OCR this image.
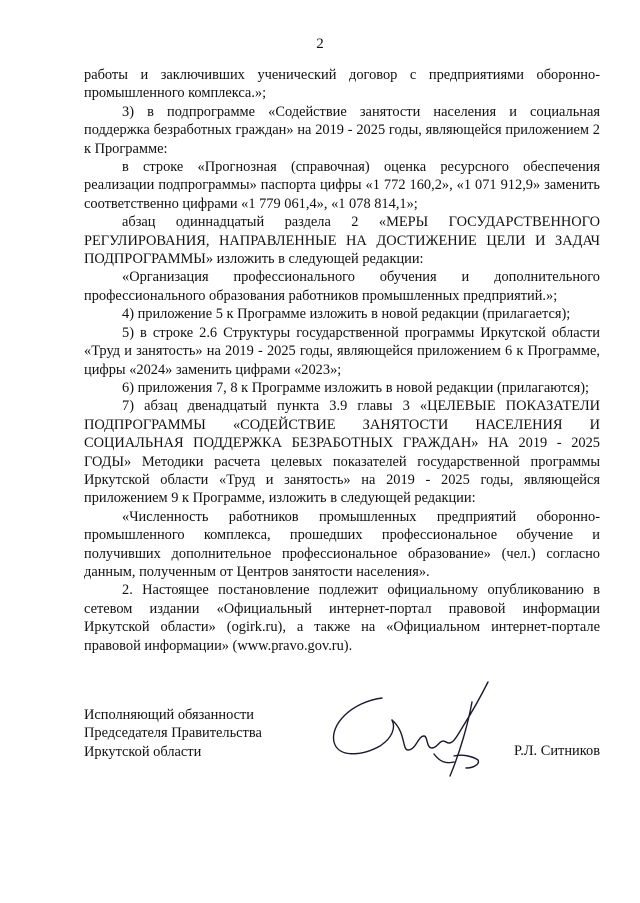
2

работы и заключивших ученический договор с предприятиями оборонно-промышленного комплекса.»;

3) в подпрограмме «Содействие занятости населения и социальная поддержка безработных граждан» на 2019 - 2025 годы, являющейся приложением 2 к Программе:

в строке «Прогнозная (справочная) оценка ресурсного обеспечения реализации подпрограммы» паспорта цифры «1 772 160,2», «1 071 912,9» заменить соответственно цифрами «1 779 061,4», «1 078 814,1»;

абзац одиннадцатый раздела 2 «МЕРЫ ГОСУДАРСТВЕННОГО РЕГУЛИРОВАНИЯ, НАПРАВЛЕННЫЕ НА ДОСТИЖЕНИЕ ЦЕЛИ И ЗАДАЧ ПОДПРОГРАММЫ» изложить в следующей редакции:

«Организация профессионального обучения и дополнительного профессионального образования работников промышленных предприятий.»;

4) приложение 5 к Программе изложить в новой редакции (прилагается);

5) в строке 2.6 Структуры государственной программы Иркутской области «Труд и занятость» на 2019 - 2025 годы, являющейся приложением 6 к Программе, цифры «2024» заменить цифрами «2023»;

6) приложения 7, 8 к Программе изложить в новой редакции (прилагаются);

7) абзац двенадцатый пункта 3.9 главы 3 «ЦЕЛЕВЫЕ ПОКАЗАТЕЛИ ПОДПРОГРАММЫ «СОДЕЙСТВИЕ ЗАНЯТОСТИ НАСЕЛЕНИЯ И СОЦИАЛЬНАЯ ПОДДЕРЖКА БЕЗРАБОТНЫХ ГРАЖДАН» НА 2019 - 2025 ГОДЫ» Методики расчета целевых показателей государственной программы Иркутской области «Труд и занятость» на 2019 - 2025 годы, являющейся приложением 9 к Программе, изложить в следующей редакции:

«Численность работников промышленных предприятий оборонно-промышленного комплекса, прошедших профессиональное обучение и получивших дополнительное профессиональное образование» (чел.) согласно данным, полученным от Центров занятости населения».

2. Настоящее постановление подлежит официальному опубликованию в сетевом издании «Официальный интернет-портал правовой информации Иркутской области» (ogirk.ru), а также на «Официальном интернет-портале правовой информации» (www.pravo.gov.ru).

Исполняющий обязанности
Председателя Правительства
Иркутской области	Р.Л. Ситников
